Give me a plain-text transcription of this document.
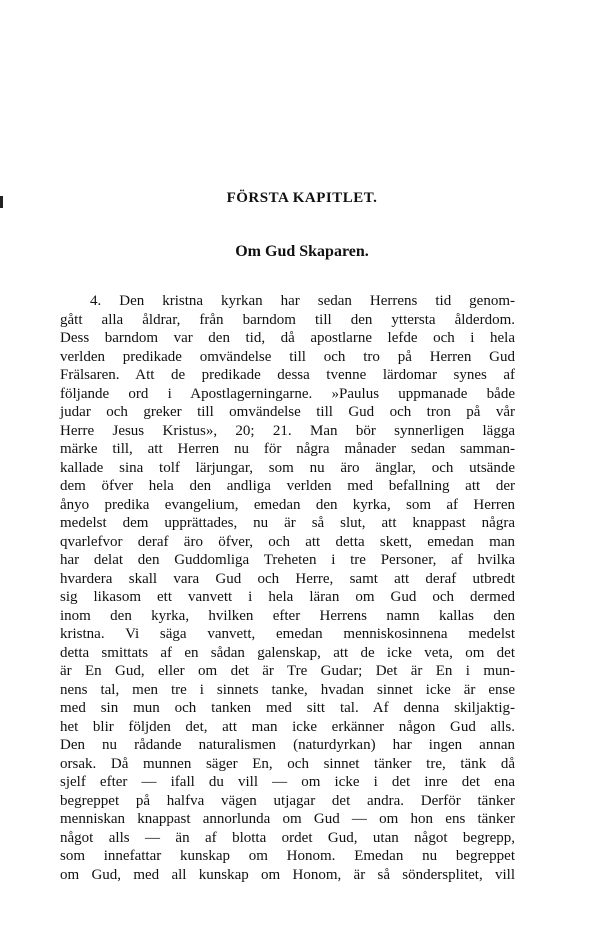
FÖRSTA KAPITLET.
Om Gud Skaparen.
4. Den kristna kyrkan har sedan Herrens tid genom-
gått alla åldrar, från barndom till den yttersta ålderdom.
Dess barndom var den tid, då apostlarne lefde och i hela
verlden predikade omvändelse till och tro på Herren Gud
Frälsaren. Att de predikade dessa tvenne lärdomar synes af
följande ord i Apostlagerningarne. »Paulus uppmanade både
judar och greker till omvändelse till Gud och tron på vår
Herre Jesus Kristus», 20; 21. Man bör synnerligen lägga
märke till, att Herren nu för några månader sedan samman-
kallade sina tolf lärjungar, som nu äro änglar, och utsände
dem öfver hela den andliga verlden med befallning att der
ånyo predika evangelium, emedan den kyrka, som af Herren
medelst dem upprättades, nu är så slut, att knappast några
qvarlefvor deraf äro öfver, och att detta skett, emedan man
har delat den Guddomliga Treheten i tre Personer, af hvilka
hvardera skall vara Gud och Herre, samt att deraf utbredt
sig likasom ett vanvett i hela läran om Gud och dermed
inom den kyrka, hvilken efter Herrens namn kallas den
kristna. Vi säga vanvett, emedan menniskosinnena medelst
detta smittats af en sådan galenskap, att de icke veta, om det
är En Gud, eller om det är Tre Gudar; Det är En i mun-
nens tal, men tre i sinnets tanke, hvadan sinnet icke är ense
med sin mun och tanken med sitt tal. Af denna skiljaktig-
het blir följden det, att man icke erkänner någon Gud alls.
Den nu rådande naturalismen (naturdyrkan) har ingen annan
orsak. Då munnen säger En, och sinnet tänker tre, tänk då
sjelf efter — ifall du vill — om icke i det inre det ena
begreppet på halfva vägen utjagar det andra. Derför tänker
menniskan knappast annorlunda om Gud — om hon ens tänker
något alls — än af blotta ordet Gud, utan något begrepp,
som innefattar kunskap om Honom. Emedan nu begreppet
om Gud, med all kunskap om Honom, är så söndersplitet, vill
